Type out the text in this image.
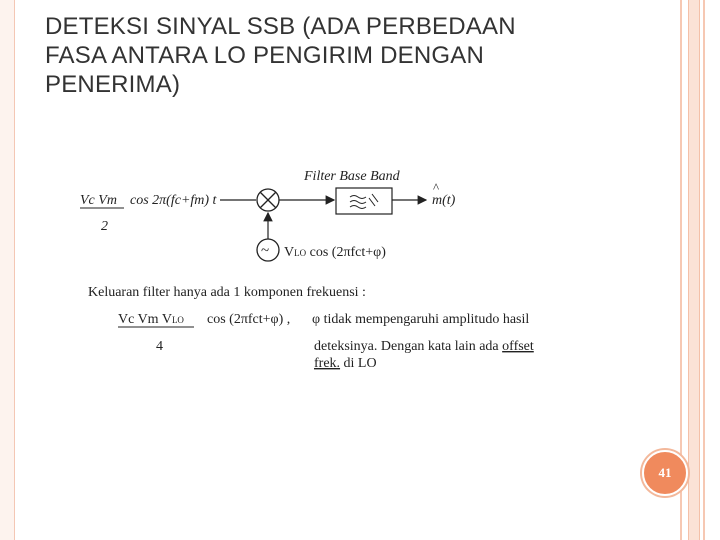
DETEKSI SINYAL SSB (ADA PERBEDAAN
FASA ANTARA LO PENGIRIM DENGAN
PENERIMA)
Vc Vm cos 2π(fc+fm) t
2
Filter Base Band
^
m(t)
~ VLO cos (2πfct+φ)
Keluaran filter hanya ada 1 komponen frekuensi :
Vc Vm VLO
4
cos (2πfct+φ) , φ tidak mempengaruhi amplitudo hasil
deteksinya. Dengan kata lain ada offset
frek. di LO
41
